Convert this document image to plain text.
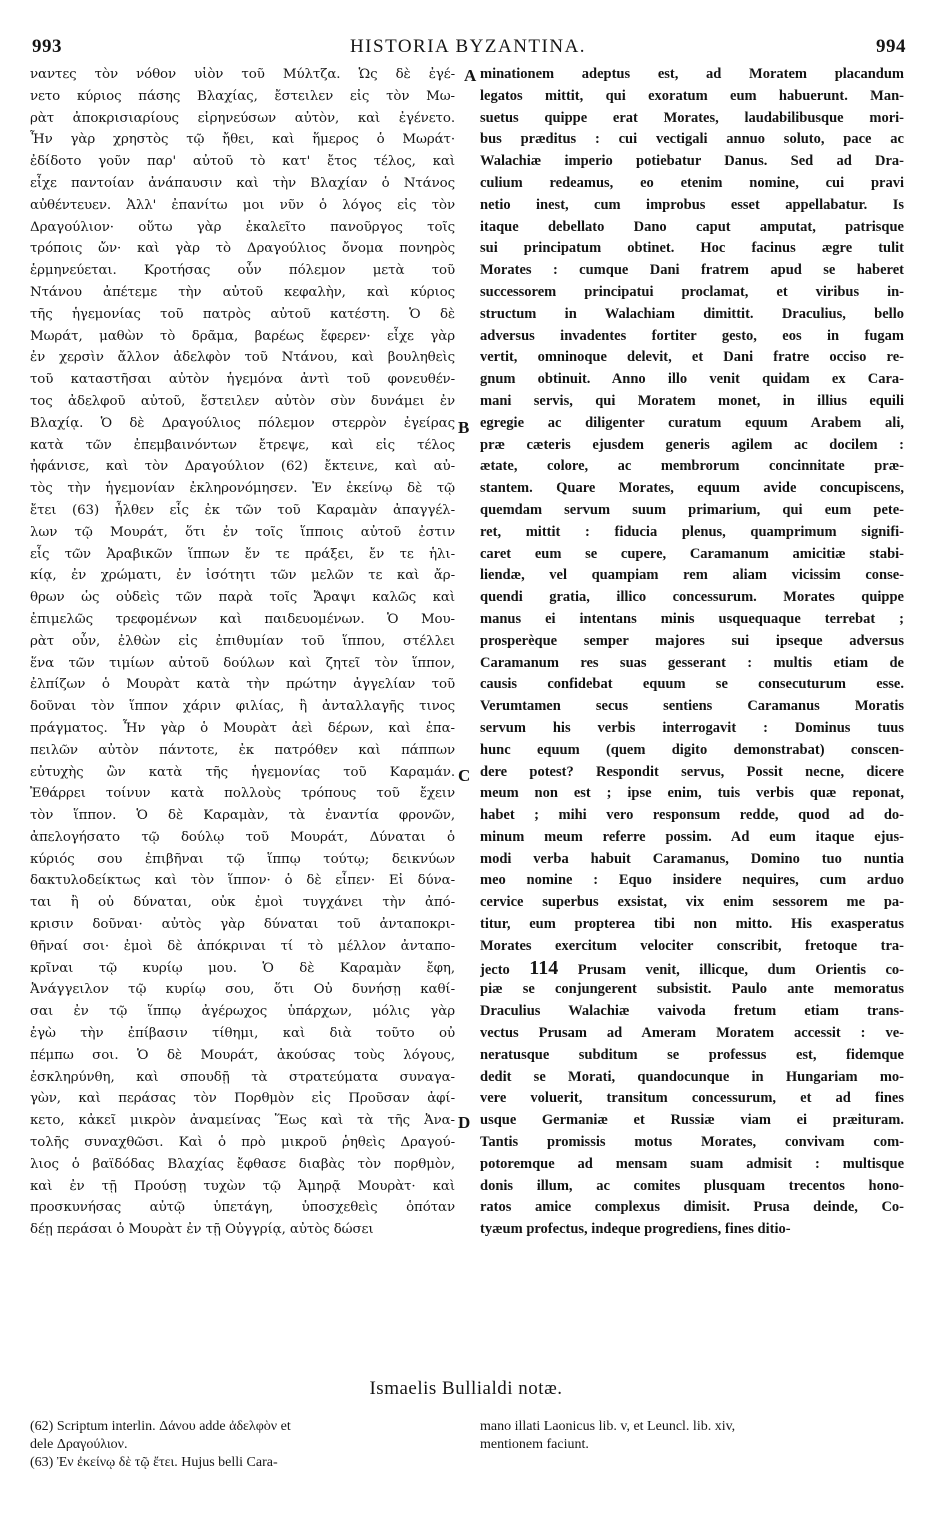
993	HISTORIA BYZANTINA.	994
ναντες τὸν νόθον υἱὸν τοῦ Μύλτζα. Ὡς δὲ ἐγέ-
νετο κύριος πάσης Βλαχίας, ἔστειλεν εἰς τὸν Μω-
ρὰτ ἀποκρισιαρίους εἰρηνεύσων αὐτὸν, καὶ ἐγένετο.
Ἦν γὰρ χρηστὸς τῷ ἤθει, καὶ ἥμερος ὁ Μωράτ·
ἐδίδοτο γοῦν παρ' αὐτοῦ τὸ κατ' ἔτος τέλος, καὶ
εἶχε παντοίαν ἀνάπαυσιν καὶ τὴν Βλαχίαν ὁ Ντάνος
αὐθέντευεν. Ἀλλ' ἐπανίτω μοι νῦν ὁ λόγος εἰς τὸν
Δραγούλιον· οὕτω γὰρ ἐκαλεῖτο πανοῦργος τοῖς
τρόποις ὤν· καὶ γὰρ τὸ Δραγούλιος ὄνομα πονηρὸς
ἑρμηνεύεται. Κροτήσας οὖν πόλεμον μετὰ τοῦ
Ντάνου ἀπέτεμε τὴν αὐτοῦ κεφαλὴν, καὶ κύριος
τῆς ἡγεμονίας τοῦ πατρὸς αὐτοῦ κατέστη. Ὁ δὲ
Μωράτ, μαθὼν τὸ δρᾶμα, βαρέως ἔφερεν· εἶχε γὰρ
ἐν χερσὶν ἄλλον ἀδελφὸν τοῦ Ντάνου, καὶ βουληθεὶς
τοῦ καταστῆσαι αὐτὸν ἡγεμόνα ἀντὶ τοῦ φονευθέν-
τος ἀδελφοῦ αὐτοῦ, ἔστειλεν αὐτὸν σὺν δυνάμει ἐν
Βλαχίᾳ. Ὁ δὲ Δραγούλιος πόλεμον στερρὸν ἐγείρας
κατὰ τῶν ἐπεμβαινόντων ἔτρεψε, καὶ εἰς τέλος
ἠφάνισε, καὶ τὸν Δραγούλιον (62) ἔκτεινε, καὶ αὐ-
τὸς τὴν ἡγεμονίαν ἐκληρονόμησεν. Ἐν ἐκείνῳ δὲ τῷ
ἔτει (63) ἦλθεν εἷς ἐκ τῶν τοῦ Καραμὰν ἀπαγγέλ-
λων τῷ Μουράτ, ὅτι ἐν τοῖς ἵπποις αὐτοῦ ἐστιν
εἷς τῶν Ἀραβικῶν ἵππων ἔν τε πράξει, ἔν τε ἡλι-
κίᾳ, ἐν χρώματι, ἐν ἰσότητι τῶν μελῶν τε καὶ ἄρ-
θρων ὡς οὐδεὶς τῶν παρὰ τοῖς Ἄραψι καλῶς καὶ
ἐπιμελῶς τρεφομένων καὶ παιδευομένων. Ὁ Μου-
ρὰτ οὖν, ἐλθὼν εἰς ἐπιθυμίαν τοῦ ἵππου, στέλλει
ἕνα τῶν τιμίων αὐτοῦ δούλων καὶ ζητεῖ τὸν ἵππον,
ἐλπίζων ὁ Μουρὰτ κατὰ τὴν πρώτην ἀγγελίαν τοῦ
δοῦναι τὸν ἵππον χάριν φιλίας, ἢ ἀνταλλαγῆς τινος
πράγματος. Ἦν γὰρ ὁ Μουρὰτ ἀεὶ δέρων, καὶ ἐπα-
πειλῶν αὐτὸν πάντοτε, ἐκ πατρόθεν καὶ πάππων
εὐτυχὴς ὢν κατὰ τῆς ἡγεμονίας τοῦ Καραμάν.
Ἐθάρρει τοίνυν κατὰ πολλοὺς τρόπους τοῦ ἔχειν
τὸν ἵππον. Ὁ δὲ Καραμὰν, τὰ ἐναντία φρονῶν,
ἀπελογήσατο τῷ δούλῳ τοῦ Μουράτ, Δύναται ὁ
κύριός σου ἐπιβῆναι τῷ ἵππῳ τούτῳ; δεικνύων
δακτυλοδείκτως καὶ τὸν ἵππον· ὁ δὲ εἶπεν· Εἰ δύνα-
ται ἢ οὐ δύναται, οὐκ ἐμοὶ τυγχάνει τὴν ἀπό-
κρισιν δοῦναι· αὐτὸς γὰρ δύναται τοῦ ἀνταποκρι-
θῆναί σοι· ἐμοὶ δὲ ἀπόκριναι τί τὸ μέλλον ἀνταπο-
κρῖναι τῷ κυρίῳ μου. Ὁ δὲ Καραμὰν ἔφη,
Ἀνάγγειλον τῷ κυρίῳ σου, ὅτι Οὐ δυνήσῃ καθί-
σαι ἐν τῷ ἵππῳ ἀγέρωχος ὑπάρχων, μόλις γὰρ
ἐγὼ τὴν ἐπίβασιν τίθημι, καὶ διὰ τοῦτο οὐ
πέμπω σοι. Ὁ δὲ Μουράτ, ἀκούσας τοὺς λόγους,
ἐσκληρύνθη, καὶ σπουδῇ τὰ στρατεύματα συναγα-
γὼν, καὶ περάσας τὸν Πορθμὸν εἰς Προῦσαν ἀφί-
κετο, κἀκεῖ μικρὸν ἀναμείνας Ἕως καὶ τὰ τῆς Ἀνα-
τολῆς συναχθῶσι. Καὶ ὁ πρὸ μικροῦ ῥηθεὶς Δραγού-
λιος ὁ βαϊδόδας Βλαχίας ἔφθασε διαβὰς τὸν πορθμὸν,
καὶ ἐν τῇ Προύσῃ τυχὼν τῷ Ἀμηρᾷ Μουρὰτ· καὶ
προσκυνήσας αὐτῷ ὑπετάγη, ὑποσχεθεὶς ὁπόταν
δέῃ περάσαι ὁ Μουρὰτ ἐν τῇ Οὐγγρίᾳ, αὐτὸς δώσει
minationem adeptus est, ad Moratem placandum
legatos mittit, qui exoratum eum habuerunt. Man-
suetus quippe erat Morates, laudabilibusque mori-
bus præditus : cui vectigali annuo soluto, pace ac
Walachiæ imperio potiebatur Danus. Sed ad Dra-
culium redeamus, eo etenim nomine, cui pravi
netio inest, cum improbus esset appellabatur. Is
itaque debellato Dano caput amputat, patrisque
sui principatum obtinet. Hoc facinus ægre tulit
Morates : cumque Dani fratrem apud se haberet
successorem principatui proclamat, et viribus in-
structum in Walachiam dimittit. Draculius, bello
adversus invadentes fortiter gesto, eos in fugam
vertit, omninoque delevit, et Dani fratre occiso re-
gnum obtinuit. Anno illo venit quidam ex Cara-
mani servis, qui Moratem monet, in illius equili
egregie ac diligenter curatum equum Arabem ali,
præ cæteris ejusdem generis agilem ac docilem :
ætate, colore, ac membrorum concinnitate præ-
stantem. Quare Morates, equum avide concupiscens,
quemdam servum suum primarium, qui eum pete-
ret, mittit : fiducia plenus, quamprimum signifi-
caret eum se cupere, Caramanum amicitiæ stabi-
liendæ, vel quampiam rem aliam vicissim conse-
quendi gratia, illico concessurum. Morates quippe
manus ei intentans minis usquequaque terrebat ;
prosperèque semper majores sui ipseque adversus
Caramanum res suas gesserant : multis etiam de
causis confidebat equum se consecuturum esse.
Verumtamen secus sentiens Caramanus Moratis
servum his verbis interrogavit : Dominus tuus
hunc equum (quem digito demonstrabat) conscen-
dere potest? Respondit servus, Possit necne, dicere
meum non est ; ipse enim, tuis verbis quæ reponat,
habet ; mihi vero responsum redde, quod ad do-
minum meum referre possim. Ad eum itaque ejus-
modi verba habuit Caramanus, Domino tuo nuntia
meo nomine : Equo insidere nequires, cum arduo
cervice superbus exsistat, vix enim sessorem me pa-
titur, eum propterea tibi non mitto. His exasperatus
Morates exercitum velociter conscribit, fretoque tra-
jecto 114 Prusam venit, illicque, dum Orientis co-
piæ se conjungerent subsistit. Paulo ante memoratus
Draculius Walachiæ vaivoda fretum etiam trans-
vectus Prusam ad Ameram Moratem accessit : ve-
neratusque subditum se professus est, fidemque
dedit se Morati, quandocunque in Hungariam mo-
vere voluerit, transitum concessurum, et ad fines
usque Germaniæ et Russiæ viam ei præituram.
Tantis promissis motus Morates, convivam com-
potoremque ad mensam suam admisit : multisque
donis illum, ac comites plusquam trecentos hono-
ratos amice complexus dimisit. Prusa deinde, Co-
tyæum profectus, indeque progrediens, fines ditio-
A
B
C
D
Ismaelis Bullialdi notæ.
(62) Scriptum interlin. Δάνου adde ἀδελφὸν et
dele Δραγούλιον.
(63) Ἐν ἐκείνῳ δὲ τῷ ἔτει. Hujus belli Cara-
mano illati Laonicus lib. v, et Leuncl. lib. xiv,
mentionem faciunt.
